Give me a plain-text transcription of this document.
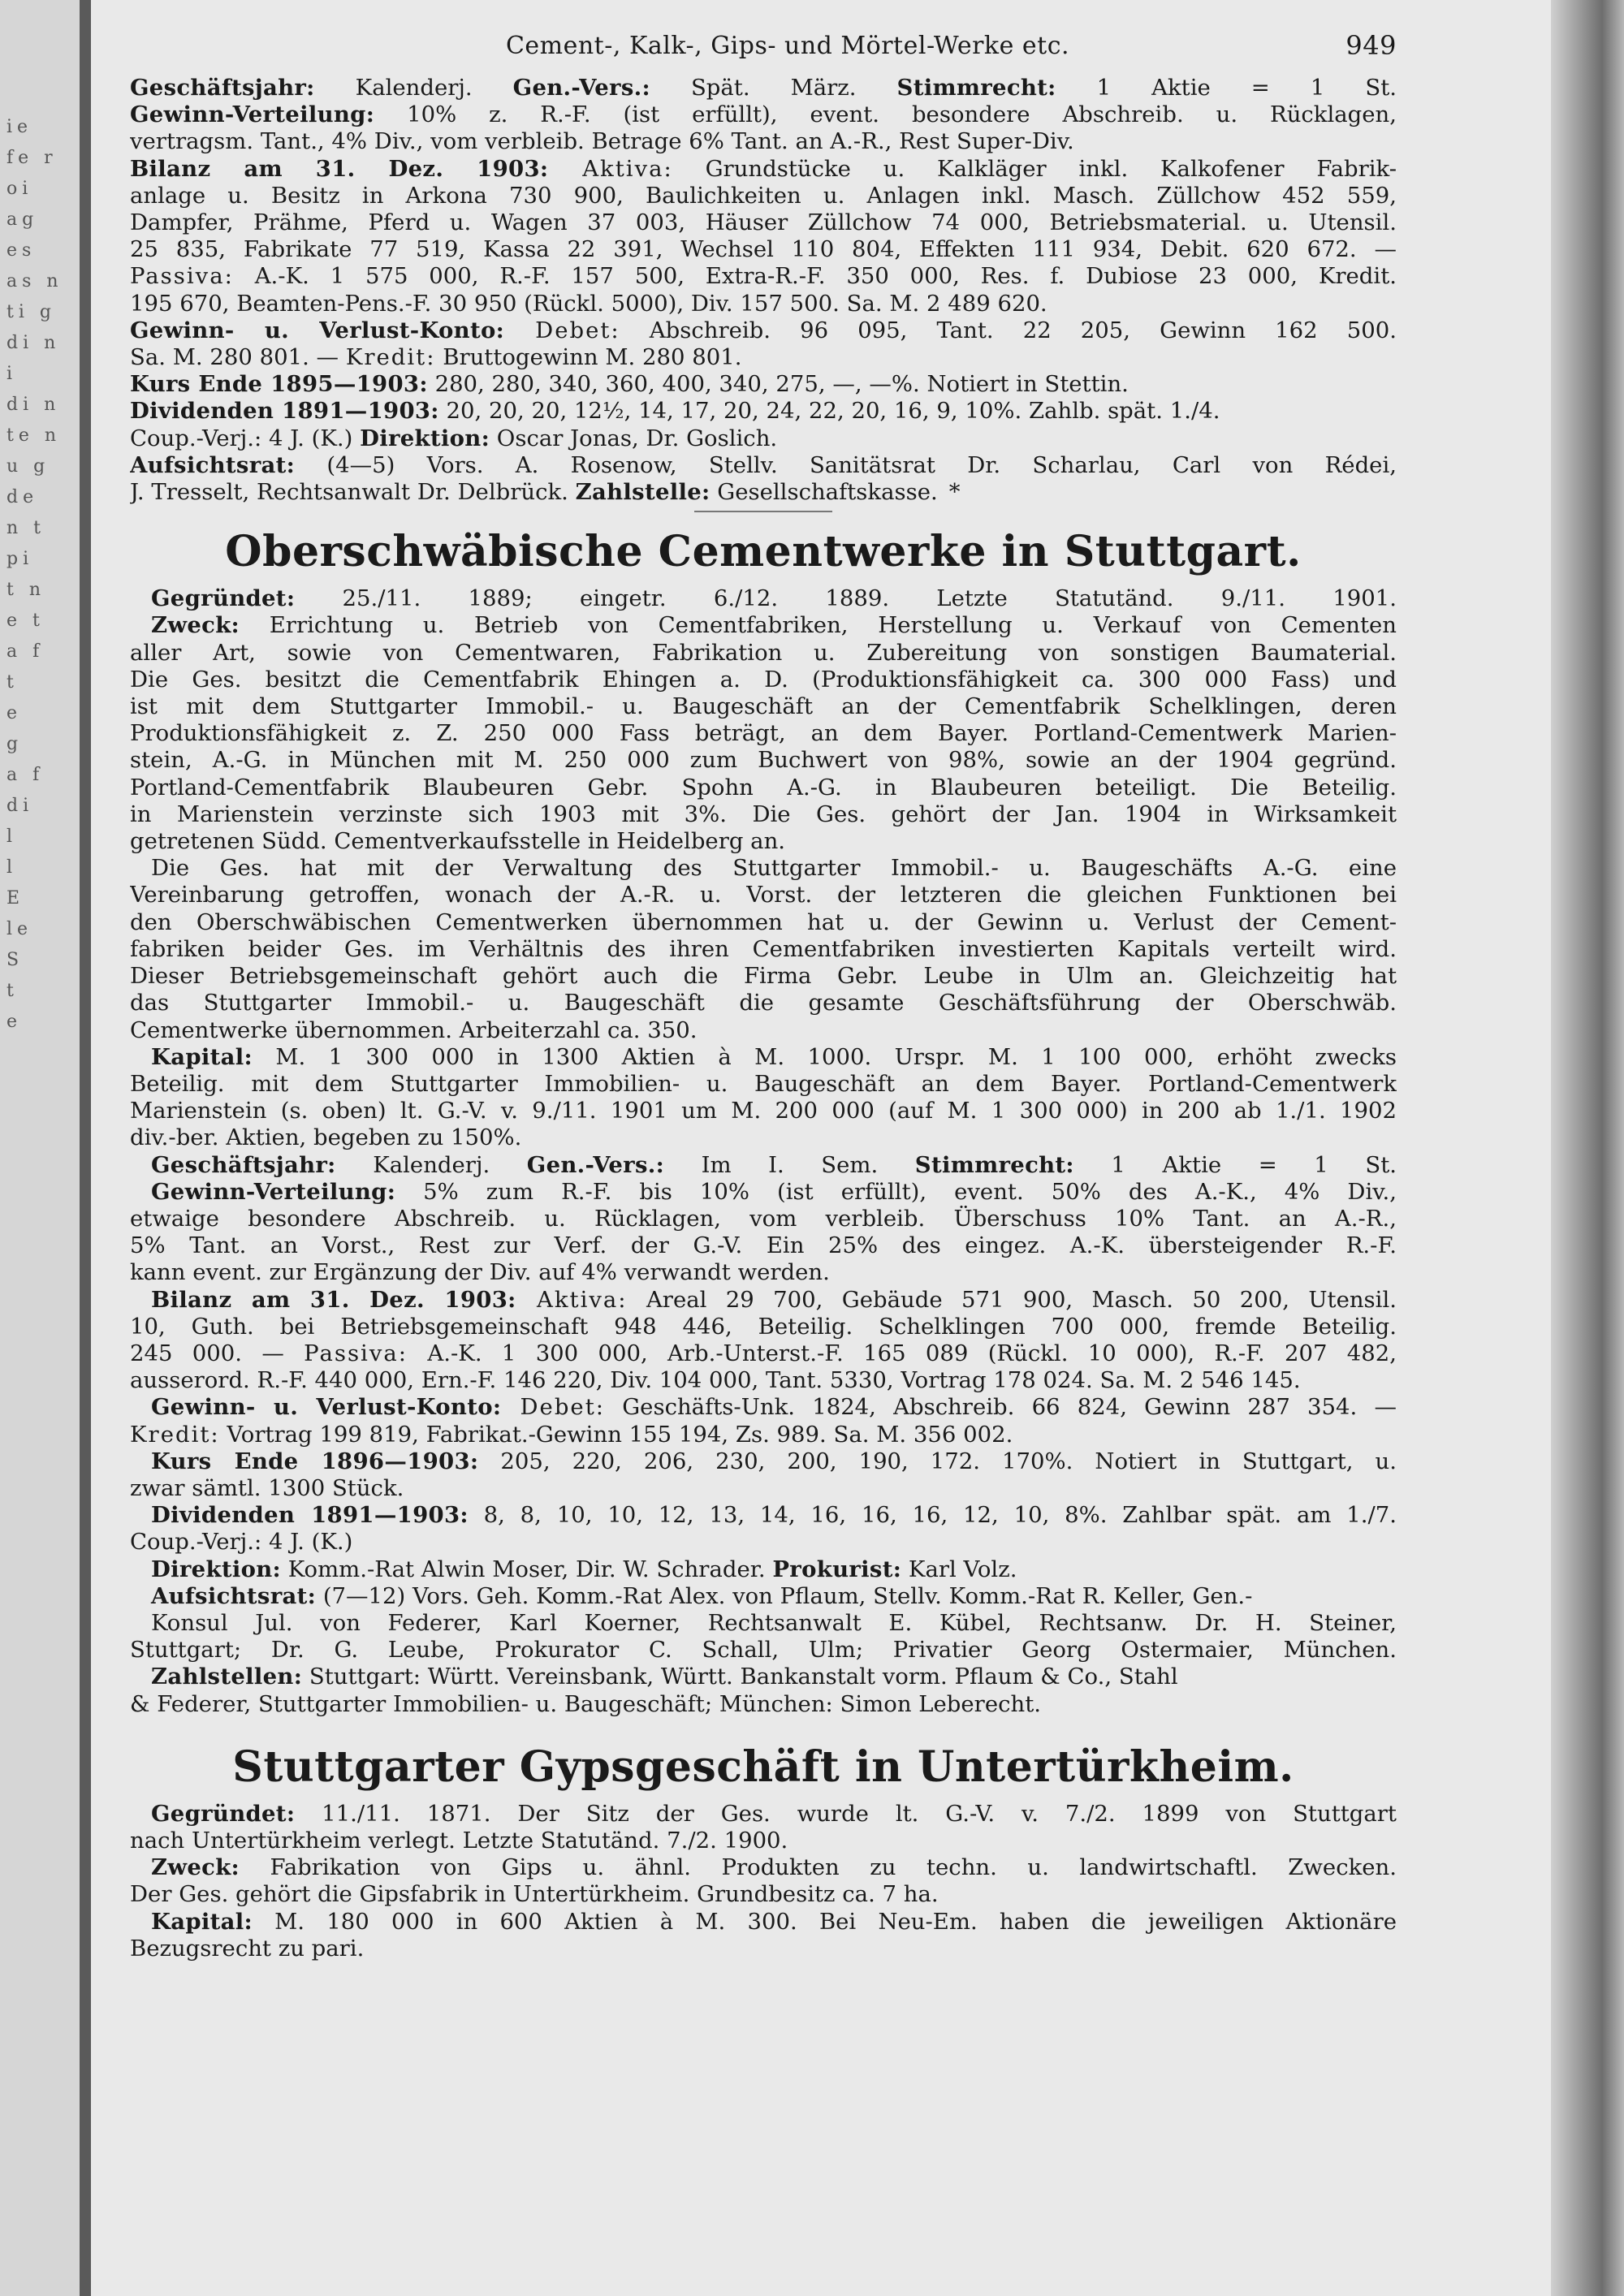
ie
fe r
oi
ag
es
as n
ti g
di n
i
di n
te n
u g
de
n t
pi
t n
e t
a f
t
e
g
a f
di
l
l
E
le
S
t
e
Cement-, Kalk-, Gips- und Mörtel-Werke etc.	949
Geschäftsjahr: Kalenderj. Gen.-Vers.: Spät. März. Stimmrecht: 1 Aktie = 1 St.
Gewinn-Verteilung: 10% z. R.-F. (ist erfüllt), event. besondere Abschreib. u. Rücklagen,
vertragsm. Tant., 4% Div., vom verbleib. Betrage 6% Tant. an A.-R., Rest Super-Div.
Bilanz am 31. Dez. 1903: Aktiva: Grundstücke u. Kalkläger inkl. Kalkofener Fabrik-
anlage u. Besitz in Arkona 730 900, Baulichkeiten u. Anlagen inkl. Masch. Züllchow 452 559,
Dampfer, Prähme, Pferd u. Wagen 37 003, Häuser Züllchow 74 000, Betriebsmaterial. u. Utensil.
25 835, Fabrikate 77 519, Kassa 22 391, Wechsel 110 804, Effekten 111 934, Debit. 620 672. —
Passiva: A.-K. 1 575 000, R.-F. 157 500, Extra-R.-F. 350 000, Res. f. Dubiose 23 000, Kredit.
195 670, Beamten-Pens.-F. 30 950 (Rückl. 5000), Div. 157 500. Sa. M. 2 489 620.
Gewinn- u. Verlust-Konto: Debet: Abschreib. 96 095, Tant. 22 205, Gewinn 162 500.
Sa. M. 280 801. — Kredit: Bruttogewinn M. 280 801.
Kurs Ende 1895—1903: 280, 280, 340, 360, 400, 340, 275, —, —%. Notiert in Stettin.
Dividenden 1891—1903: 20, 20, 20, 12½, 14, 17, 20, 24, 22, 20, 16, 9, 10%. Zahlb. spät. 1./4.
Coup.-Verj.: 4 J. (K.) Direktion: Oscar Jonas, Dr. Goslich.
Aufsichtsrat: (4—5) Vors. A. Rosenow, Stellv. Sanitätsrat Dr. Scharlau, Carl von Rédei,
J. Tresselt, Rechtsanwalt Dr. Delbrück. Zahlstelle: Gesellschaftskasse. *
Oberschwäbische Cementwerke in Stuttgart.
Gegründet: 25./11. 1889; eingetr. 6./12. 1889. Letzte Statutänd. 9./11. 1901.
Zweck: Errichtung u. Betrieb von Cementfabriken, Herstellung u. Verkauf von Cementen
aller Art, sowie von Cementwaren, Fabrikation u. Zubereitung von sonstigen Baumaterial.
Die Ges. besitzt die Cementfabrik Ehingen a. D. (Produktionsfähigkeit ca. 300 000 Fass) und
ist mit dem Stuttgarter Immobil.- u. Baugeschäft an der Cementfabrik Schelklingen, deren
Produktionsfähigkeit z. Z. 250 000 Fass beträgt, an dem Bayer. Portland-Cementwerk Marien-
stein, A.-G. in München mit M. 250 000 zum Buchwert von 98%, sowie an der 1904 gegründ.
Portland-Cementfabrik Blaubeuren Gebr. Spohn A.-G. in Blaubeuren beteiligt. Die Beteilig.
in Marienstein verzinste sich 1903 mit 3%. Die Ges. gehört der Jan. 1904 in Wirksamkeit
getretenen Südd. Cementverkaufsstelle in Heidelberg an.
Die Ges. hat mit der Verwaltung des Stuttgarter Immobil.- u. Baugeschäfts A.-G. eine
Vereinbarung getroffen, wonach der A.-R. u. Vorst. der letzteren die gleichen Funktionen bei
den Oberschwäbischen Cementwerken übernommen hat u. der Gewinn u. Verlust der Cement-
fabriken beider Ges. im Verhältnis des ihren Cementfabriken investierten Kapitals verteilt wird.
Dieser Betriebsgemeinschaft gehört auch die Firma Gebr. Leube in Ulm an. Gleichzeitig hat
das Stuttgarter Immobil.- u. Baugeschäft die gesamte Geschäftsführung der Oberschwäb.
Cementwerke übernommen. Arbeiterzahl ca. 350.
Kapital: M. 1 300 000 in 1300 Aktien à M. 1000. Urspr. M. 1 100 000, erhöht zwecks
Beteilig. mit dem Stuttgarter Immobilien- u. Baugeschäft an dem Bayer. Portland-Cementwerk
Marienstein (s. oben) lt. G.-V. v. 9./11. 1901 um M. 200 000 (auf M. 1 300 000) in 200 ab 1./1. 1902
div.-ber. Aktien, begeben zu 150%.
Geschäftsjahr: Kalenderj. Gen.-Vers.: Im I. Sem. Stimmrecht: 1 Aktie = 1 St.
Gewinn-Verteilung: 5% zum R.-F. bis 10% (ist erfüllt), event. 50% des A.-K., 4% Div.,
etwaige besondere Abschreib. u. Rücklagen, vom verbleib. Überschuss 10% Tant. an A.-R.,
5% Tant. an Vorst., Rest zur Verf. der G.-V. Ein 25% des eingez. A.-K. übersteigender R.-F.
kann event. zur Ergänzung der Div. auf 4% verwandt werden.
Bilanz am 31. Dez. 1903: Aktiva: Areal 29 700, Gebäude 571 900, Masch. 50 200, Utensil.
10, Guth. bei Betriebsgemeinschaft 948 446, Beteilig. Schelklingen 700 000, fremde Beteilig.
245 000. — Passiva: A.-K. 1 300 000, Arb.-Unterst.-F. 165 089 (Rückl. 10 000), R.-F. 207 482,
ausserord. R.-F. 440 000, Ern.-F. 146 220, Div. 104 000, Tant. 5330, Vortrag 178 024. Sa. M. 2 546 145.
Gewinn- u. Verlust-Konto: Debet: Geschäfts-Unk. 1824, Abschreib. 66 824, Gewinn 287 354. —
Kredit: Vortrag 199 819, Fabrikat.-Gewinn 155 194, Zs. 989. Sa. M. 356 002.
Kurs Ende 1896—1903: 205, 220, 206, 230, 200, 190, 172. 170%. Notiert in Stuttgart, u.
zwar sämtl. 1300 Stück.
Dividenden 1891—1903: 8, 8, 10, 10, 12, 13, 14, 16, 16, 16, 12, 10, 8%. Zahlbar spät. am 1./7.
Coup.-Verj.: 4 J. (K.)
Direktion: Komm.-Rat Alwin Moser, Dir. W. Schrader. Prokurist: Karl Volz.
Aufsichtsrat: (7—12) Vors. Geh. Komm.-Rat Alex. von Pflaum, Stellv. Komm.-Rat R. Keller, Gen.-
Konsul Jul. von Federer, Karl Koerner, Rechtsanwalt E. Kübel, Rechtsanw. Dr. H. Steiner,
Stuttgart; Dr. G. Leube, Prokurator C. Schall, Ulm; Privatier Georg Ostermaier, München.
Zahlstellen: Stuttgart: Württ. Vereinsbank, Württ. Bankanstalt vorm. Pflaum & Co., Stahl
& Federer, Stuttgarter Immobilien- u. Baugeschäft; München: Simon Leberecht.
Stuttgarter Gypsgeschäft in Untertürkheim.
Gegründet: 11./11. 1871. Der Sitz der Ges. wurde lt. G.-V. v. 7./2. 1899 von Stuttgart
nach Untertürkheim verlegt. Letzte Statutänd. 7./2. 1900.
Zweck: Fabrikation von Gips u. ähnl. Produkten zu techn. u. landwirtschaftl. Zwecken.
Der Ges. gehört die Gipsfabrik in Untertürkheim. Grundbesitz ca. 7 ha.
Kapital: M. 180 000 in 600 Aktien à M. 300. Bei Neu-Em. haben die jeweiligen Aktionäre
Bezugsrecht zu pari.
